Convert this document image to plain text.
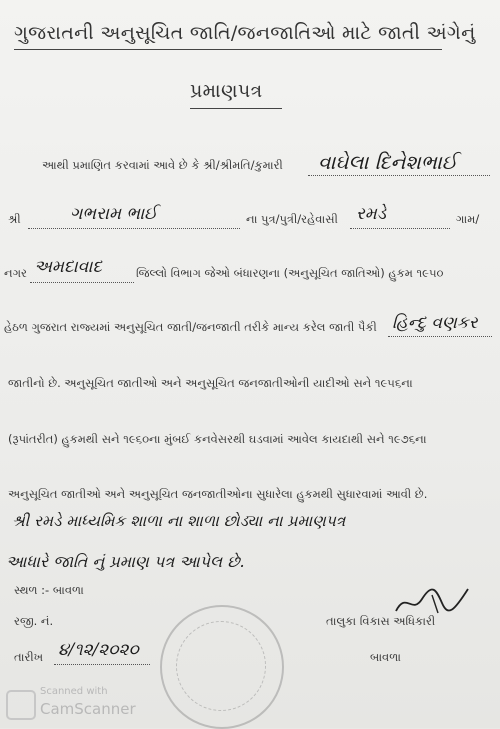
ગુજરાતની અનુસૂચિત જાતિ/જનજાતિઓ માટે જાતી અંગેનું
પ્રમાણપત્ર
આથી પ્રમાણિત કરવામાં આવે છે કે શ્રી/શ્રીમતિ/કુમારી વાઘેલા દિનેશભાઈ
શ્રી	ગભરામ ભાઈ	ના પુત્ર/પુત્રી/રહેવાસી રમડે	ગામ/
નગર અમદાવાદ	જિલ્લો વિભાગ જેઓ બંધારણના (અનુસૂચિત જાતિઓ) હુકમ ૧૯૫૦
હેઠળ ગુજરાત રાજ્યમાં અનુસૂચિત જાતી/જનજાતી તરીકે માન્ય કરેલ જાતી પૈકી હિન્દુ વણકર
જાતીનો છે. અનુસૂચિત જાતીઓ અને અનુસૂચિત જનજાતીઓની યાદીઓ સને ૧૯૫૬ના
(રૂપાંતરીત) હુકમથી સને ૧૯૬૦ના મુંબઈ કનવેસરથી ઘડવામાં આવેલ કાયદાથી સને ૧૯૭૬ના
અનુસૂચિત જાતીઓ અને અનુસૂચિત જનજાતીઓના સુધારેલા હુકમથી સુધારવામાં આવી છે.
શ્રી રમડે માધ્યમિક શાળા ના શાળા છોડ્યા ના પ્રમાણપત્ર
આધારે જાતિ નું પ્રમાણ પત્ર આપેલ છે.
સ્થળ :- બાવળા
રજી. નં.
તારીખ ૪/૧૨/૨૦૨૦
તાલુકા વિકાસ અધિકારી
બાવળા
Scanned with
CamScanner
